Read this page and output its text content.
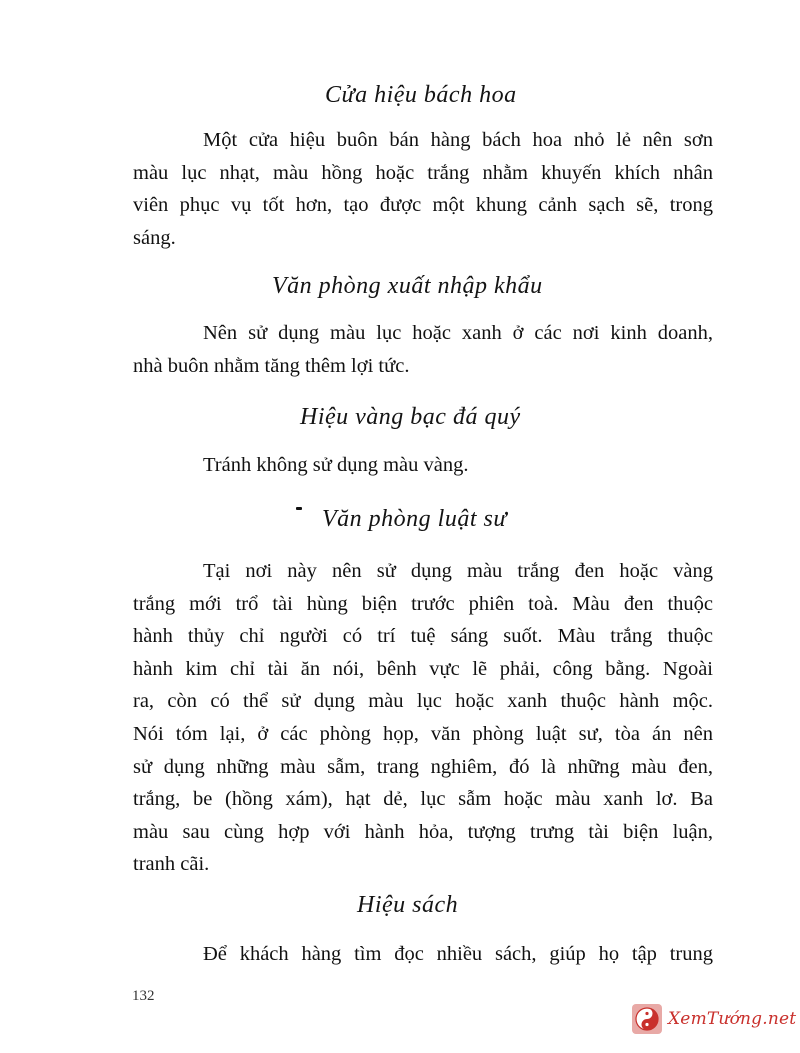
Cửa hiệu bách hoa
Một cửa hiệu buôn bán hàng bách hoa nhỏ lẻ nên sơn
màu lục nhạt, màu hồng hoặc trắng nhằm khuyến khích nhân
viên phục vụ tốt hơn, tạo được một khung cảnh sạch sẽ, trong
sáng.
Văn phòng xuất nhập khẩu
Nên sử dụng màu lục hoặc xanh ở các nơi kinh doanh,
nhà buôn nhằm tăng thêm lợi tức.
Hiệu vàng bạc đá quý
Tránh không sử dụng màu vàng.
Văn phòng luật sư
Tại nơi này nên sử dụng màu trắng đen hoặc vàng
trắng mới trổ tài hùng biện trước phiên toà. Màu đen thuộc
hành thủy chỉ người có trí tuệ sáng suốt. Màu trắng thuộc
hành kim chỉ tài ăn nói, bênh vực lẽ phải, công bằng. Ngoài
ra, còn có thể sử dụng màu lục hoặc xanh thuộc hành mộc.
Nói tóm lại, ở các phòng họp, văn phòng luật sư, tòa án nên
sử dụng những màu sẫm, trang nghiêm, đó là những màu đen,
trắng, be (hồng xám), hạt dẻ, lục sẫm hoặc màu xanh lơ. Ba
màu sau cùng hợp với hành hỏa, tượng trưng tài biện luận,
tranh cãi.
Hiệu sách
Để khách hàng tìm đọc nhiều sách, giúp họ tập trung
132
XemTướng.net
